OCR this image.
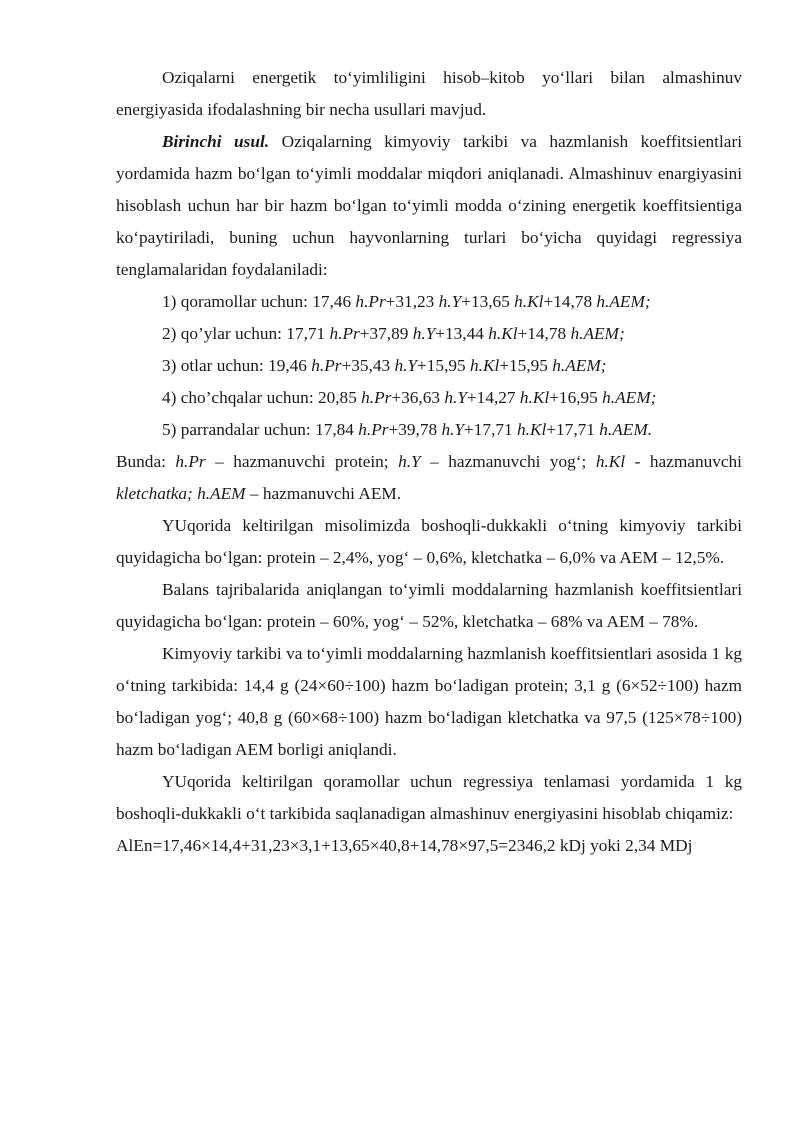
Oziqalarni energetik to‘yimliligini hisob–kitob yo‘llari bilan almashinuv energiyasida ifodalashning bir necha usullari mavjud.

Birinchi usul. Oziqalarning kimyoviy tarkibi va hazmlanish koeffitsientlari yordamida hazm bo‘lgan to‘yimli moddalar miqdori aniqlanadi. Almashinuv enargiyasini hisoblash uchun har bir hazm bo‘lgan to‘yimli modda o‘zining energetik koeffitsientiga ko‘paytiriladi, buning uchun hayvonlarning turlari bo‘yicha quyidagi regressiya tenglamalaridan foydalaniladi:

1) qoramollar uchun: 17,46 h.Pr+31,23 h.Y+13,65 h.Kl+14,78 h.AEM;

2) qo’ylar uchun: 17,71 h.Pr+37,89 h.Y+13,44 h.Kl+14,78 h.AEM;

3) otlar uchun: 19,46 h.Pr+35,43 h.Y+15,95 h.Kl+15,95 h.AEM;

4) cho’chqalar uchun: 20,85 h.Pr+36,63 h.Y+14,27 h.Kl+16,95 h.AEM;

5) parrandalar uchun: 17,84 h.Pr+39,78 h.Y+17,71 h.Kl+17,71 h.AEM.

Bunda: h.Pr – hazmanuvchi protein; h.Y – hazmanuvchi yog‘; h.Kl - hazmanuvchi kletchatka; h.AEM – hazmanuvchi AEM.

YUqorida keltirilgan misolimizda boshoqli-dukkakli o‘tning kimyoviy tarkibi quyidagicha bo‘lgan: protein – 2,4%, yog‘ – 0,6%, kletchatka – 6,0% va AEM – 12,5%.

Balans tajribalarida aniqlangan to‘yimli moddalarning hazmlanish koeffitsientlari quyidagicha bo‘lgan: protein – 60%, yog‘ – 52%, kletchatka – 68% va AEM – 78%.

Kimyoviy tarkibi va to‘yimli moddalarning hazmlanish koeffitsientlari asosida 1 kg o‘tning tarkibida: 14,4 g (24×60÷100) hazm bo‘ladigan protein; 3,1 g (6×52÷100) hazm bo‘ladigan yog‘; 40,8 g (60×68÷100) hazm bo‘ladigan kletchatka va 97,5 (125×78÷100) hazm bo‘ladigan AEM borligi aniqlandi.

YUqorida keltirilgan qoramollar uchun regressiya tenlamasi yordamida 1 kg boshoqli-dukkakli o‘t tarkibida saqlanadigan almashinuv energiyasini hisoblab chiqamiz:

AlEn=17,46×14,4+31,23×3,1+13,65×40,8+14,78×97,5=2346,2 kDj yoki 2,34 MDj
